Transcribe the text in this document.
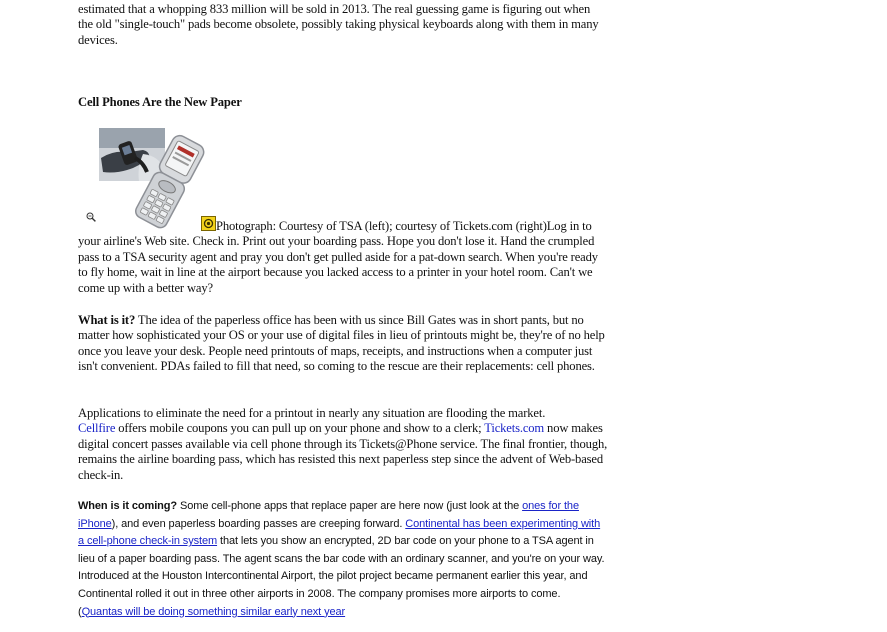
estimated that a whopping 833 million will be sold in 2013. The real guessing game is figuring out when the old "single-touch" pads become obsolete, possibly taking physical keyboards along with them in many devices.

Cell Phones Are the New Paper

Photograph: Courtesy of TSA (left); courtesy of Tickets.com (right)Log in to your airline's Web site. Check in. Print out your boarding pass. Hope you don't lose it. Hand the crumpled pass to a TSA security agent and pray you don't get pulled aside for a pat-down search. When you're ready to fly home, wait in line at the airport because you lacked access to a printer in your hotel room. Can't we come up with a better way?

What is it? The idea of the paperless office has been with us since Bill Gates was in short pants, but no matter how sophisticated your OS or your use of digital files in lieu of printouts might be, they're of no help once you leave your desk. People need printouts of maps, receipts, and instructions when a computer just isn't convenient. PDAs failed to fill that need, so coming to the rescue are their replacements: cell phones.

Applications to eliminate the need for a printout in nearly any situation are flooding the market.
Cellfire offers mobile coupons you can pull up on your phone and show to a clerk; Tickets.com now makes digital concert passes available via cell phone through its Tickets@Phone service. The final frontier, though, remains the airline boarding pass, which has resisted this next paperless step since the advent of Web-based check-in.

When is it coming? Some cell-phone apps that replace paper are here now (just look at the ones for the iPhone), and even paperless boarding passes are creeping forward. Continental has been experimenting with a cell-phone check-in system that lets you show an encrypted, 2D bar code on your phone to a TSA agent in lieu of a paper boarding pass. The agent scans the bar code with an ordinary scanner, and you're on your way. Introduced at the Houston Intercontinental Airport, the pilot project became permanent earlier this year, and Continental rolled it out in three other airports in 2008. The company promises more airports to come. (Quantas will be doing something similar early next year
